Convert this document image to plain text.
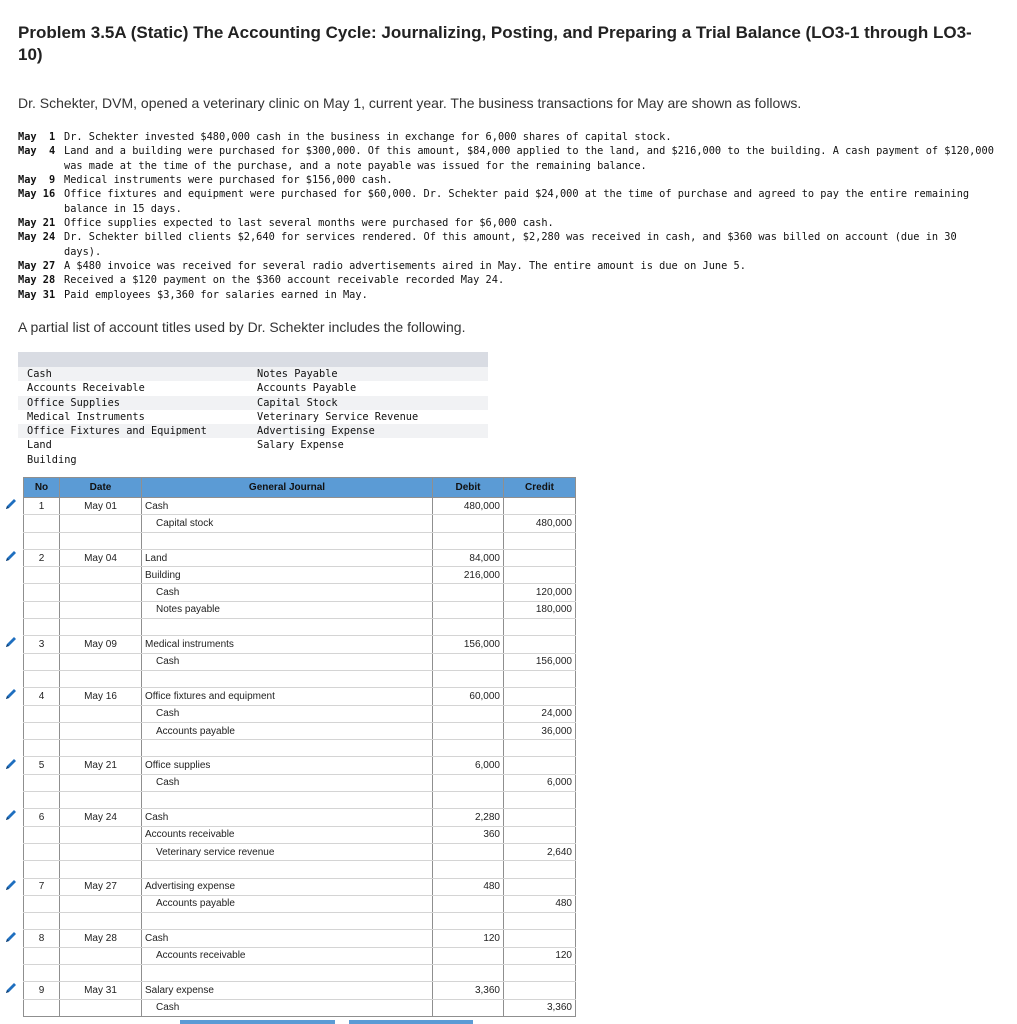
Problem 3.5A (Static) The Accounting Cycle: Journalizing, Posting, and Preparing a Trial Balance (LO3-1 through LO3-10)
Dr. Schekter, DVM, opened a veterinary clinic on May 1, current year. The business transactions for May are shown as follows.
May  1 Dr. Schekter invested $480,000 cash in the business in exchange for 6,000 shares of capital stock.
May  4 Land and a building were purchased for $300,000. Of this amount, $84,000 applied to the land, and $216,000 to the building. A cash payment of $120,000 was made at the time of the purchase, and a note payable was issued for the remaining balance.
May  9 Medical instruments were purchased for $156,000 cash.
May 16 Office fixtures and equipment were purchased for $60,000. Dr. Schekter paid $24,000 at the time of purchase and agreed to pay the entire remaining balance in 15 days.
May 21 Office supplies expected to last several months were purchased for $6,000 cash.
May 24 Dr. Schekter billed clients $2,640 for services rendered. Of this amount, $2,280 was received in cash, and $360 was billed on account (due in 30 days).
May 27 A $480 invoice was received for several radio advertisements aired in May. The entire amount is due on June 5.
May 28 Received a $120 payment on the $360 account receivable recorded May 24.
May 31 Paid employees $3,360 for salaries earned in May.
A partial list of account titles used by Dr. Schekter includes the following.
Cash	Notes Payable
Accounts Receivable	Accounts Payable
Office Supplies	Capital Stock
Medical Instruments	Veterinary Service Revenue
Office Fixtures and Equipment	Advertising Expense
Land	Salary Expense
Building
No	Date	General Journal	Debit	Credit
1	May 01	Cash	480,000	
		Capital stock		480,000

2	May 04	Land	84,000	
		Building	216,000	
		Cash		120,000
		Notes payable		180,000

3	May 09	Medical instruments	156,000	
		Cash		156,000

4	May 16	Office fixtures and equipment	60,000	
		Cash		24,000
		Accounts payable		36,000

5	May 21	Office supplies	6,000	
		Cash		6,000

6	May 24	Cash	2,280	
		Accounts receivable	360	
		Veterinary service revenue		2,640

7	May 27	Advertising expense	480	
		Accounts payable		480

8	May 28	Cash	120	
		Accounts receivable		120

9	May 31	Salary expense	3,360	
		Cash		3,360
